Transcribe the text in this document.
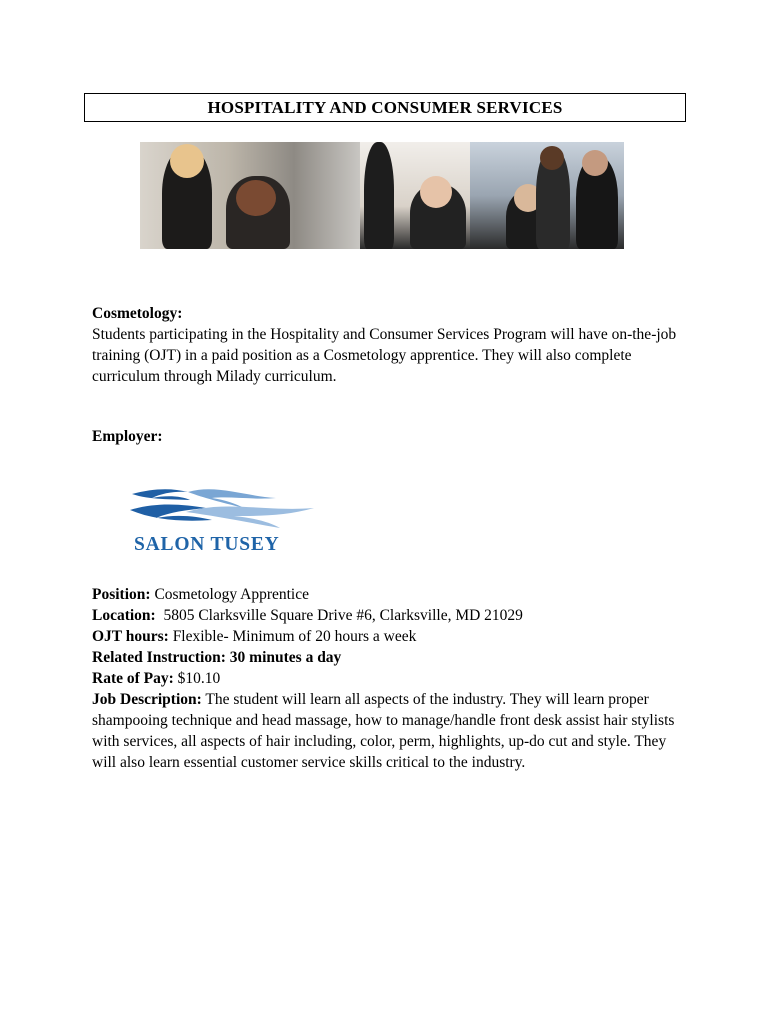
HOSPITALITY AND CONSUMER SERVICES

Cosmetology:

Students participating in the Hospitality and Consumer Services Program will have on-the-job training (OJT) in a paid position as a Cosmetology apprentice. They will also complete curriculum through Milady curriculum.

Employer:

SALON TUSEY

Position: Cosmetology Apprentice

Location:  5805 Clarksville Square Drive #6, Clarksville, MD 21029

OJT hours: Flexible- Minimum of 20 hours a week

Related Instruction: 30 minutes a day

Rate of Pay: $10.10

Job Description: The student will learn all aspects of the industry. They will learn proper shampooing technique and head massage, how to manage/handle front desk assist hair stylists with services, all aspects of hair including, color, perm, highlights, up-do cut and style. They will also learn essential customer service skills critical to the industry.
